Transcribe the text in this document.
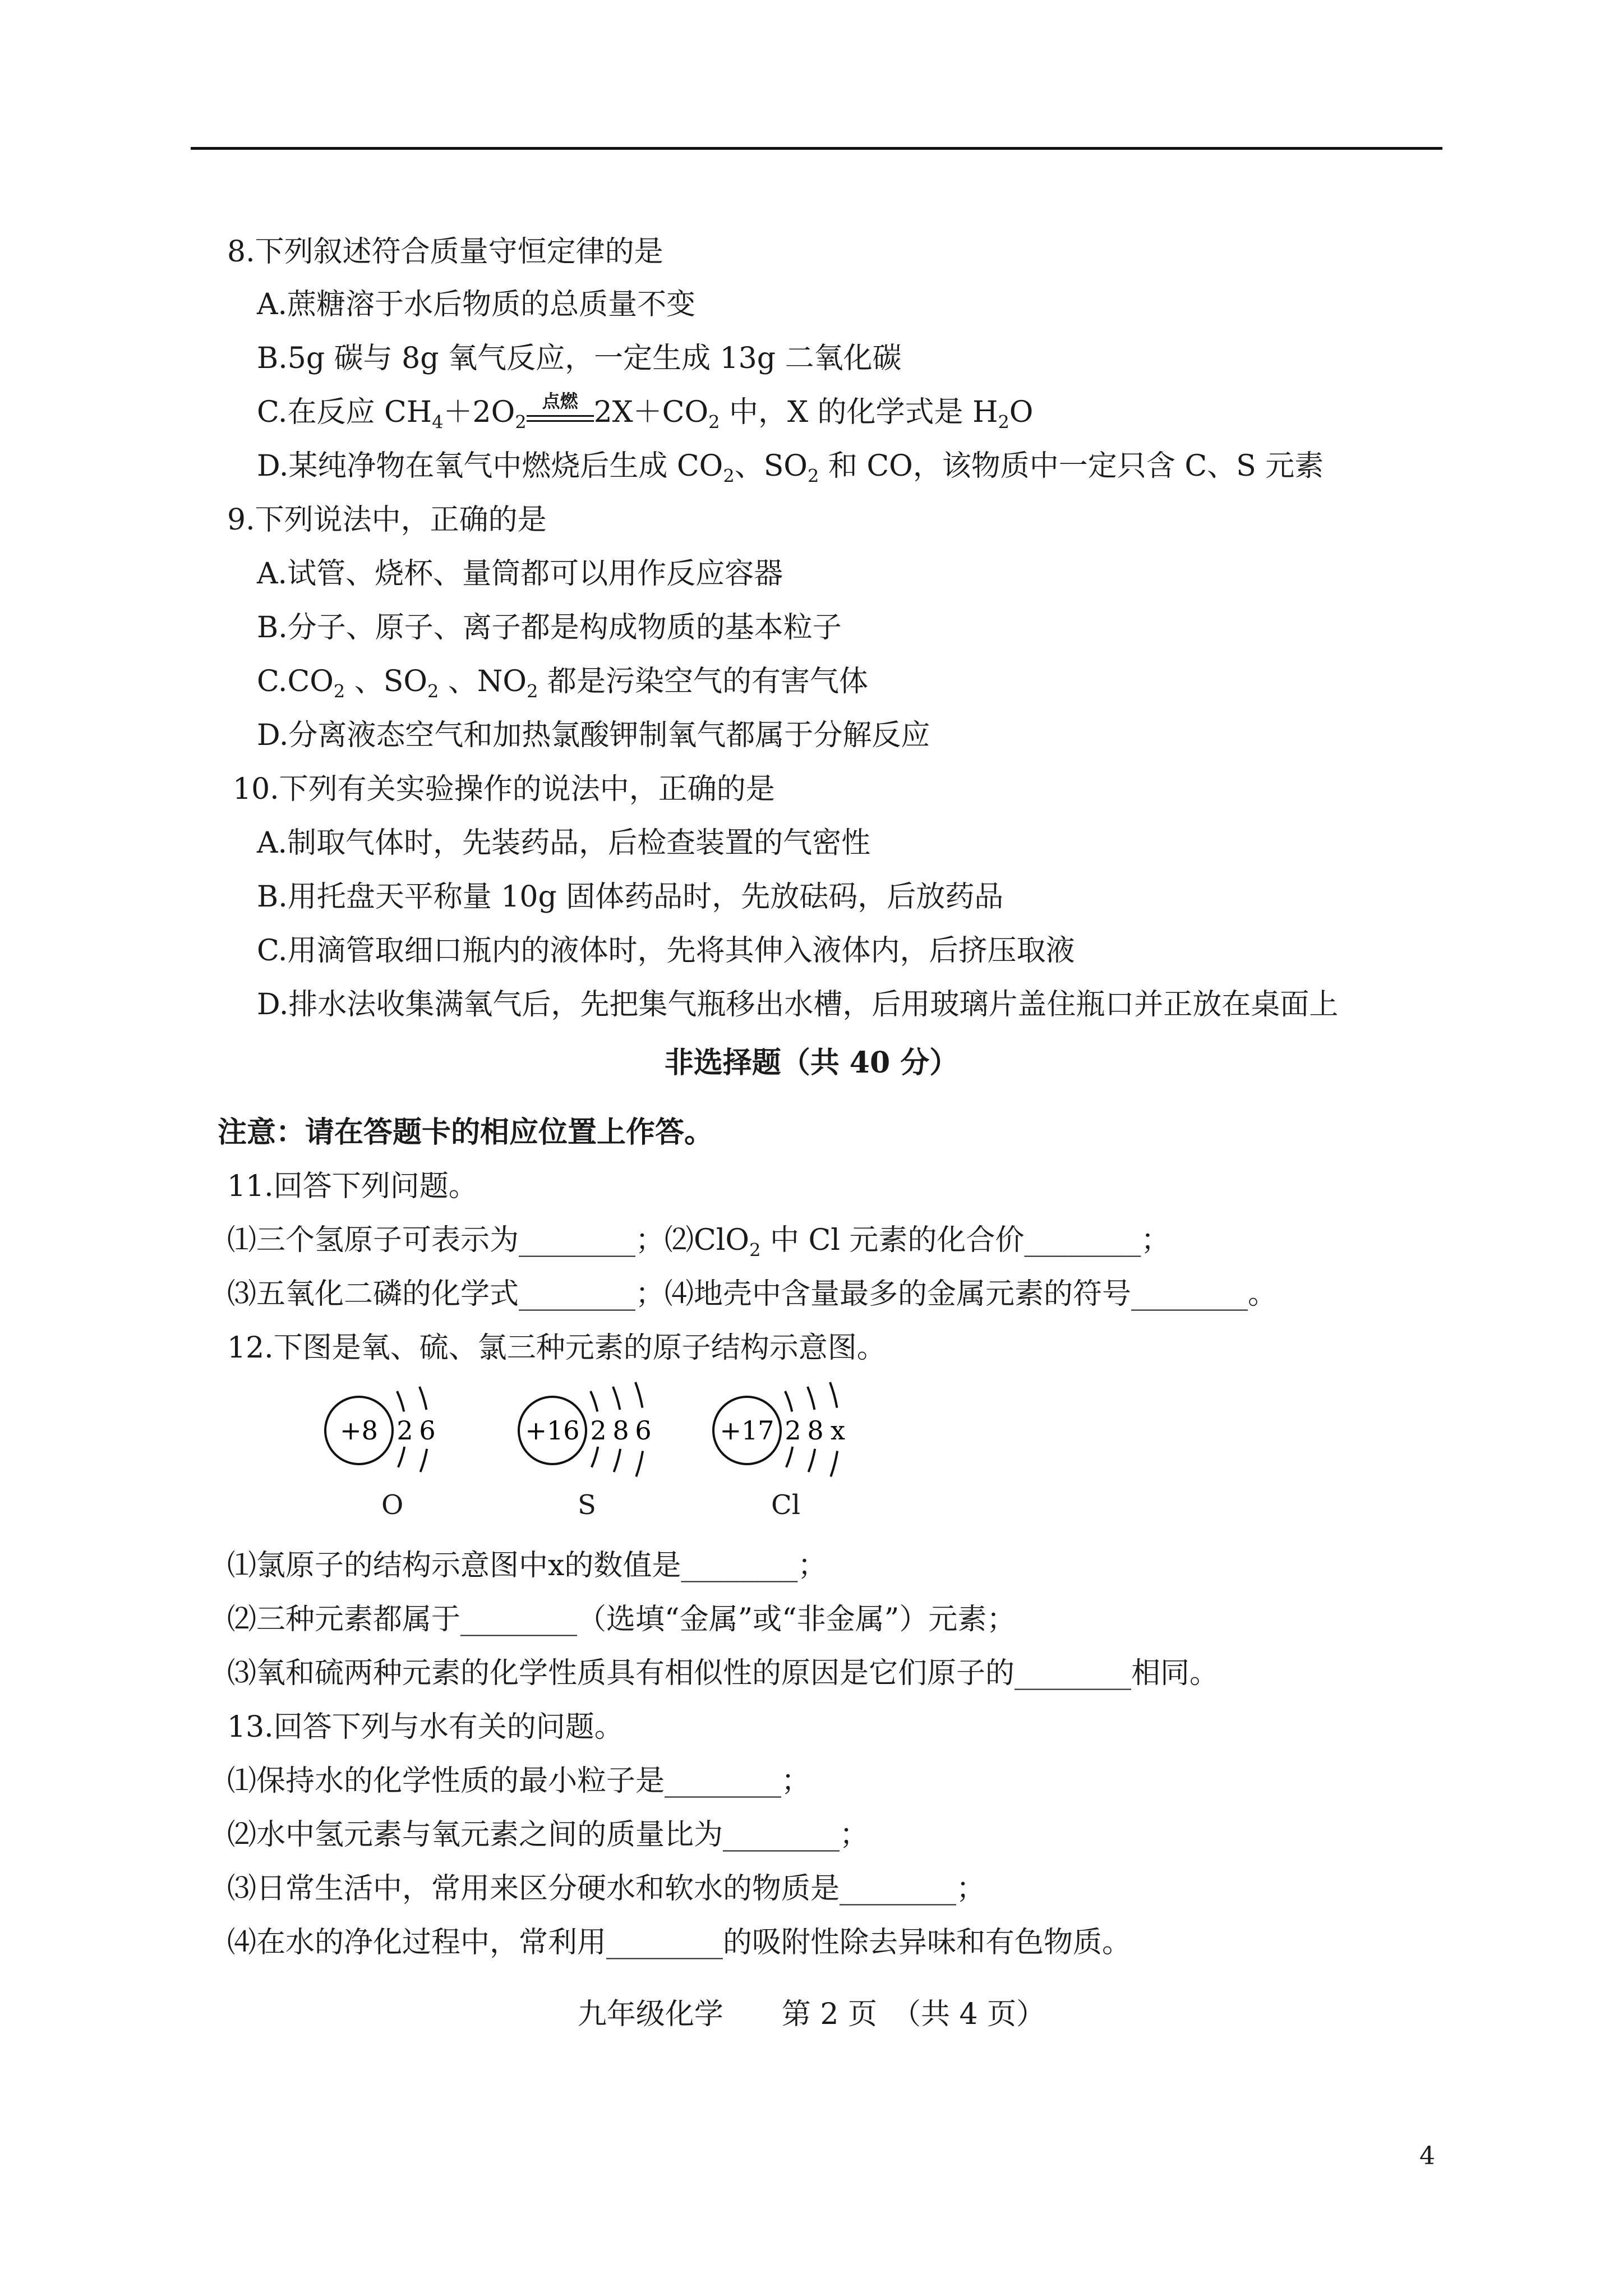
8.下列叙述符合质量守恒定律的是
A.蔗糖溶于水后物质的总质量不变
B.5g 碳与 8g 氧气反应，一定生成 13g 二氧化碳
C.在反应 $CH_4+2O_2$
点燃 $2X+CO_2$ 中，X 的化学式是 $H_2O$
D.某纯净物在氧气中燃烧后生成 $CO_2$、$SO_2$ 和 CO，该物质中一定只含 C、S 元素
9.下列说法中，正确的是
A.试管、烧杯、量筒都可以用作反应容器
B.分子、原子、离子都是构成物质的基本粒子
$C.CO_2$ 、$SO_2$ 、$NO_2$ 都是污染空气的有害气体
D.分离液态空气和加热氯酸钾制氧气都属于分解反应
10.下列有关实验操作的说法中，正确的是
A.制取气体时，先装药品，后检查装置的气密性
B.用托盘天平称量 10g 固体药品时，先放砝码，后放药品
C.用滴管取细口瓶内的液体时，先将其伸入液体内，后挤压取液
D.排水法收集满氧气后，先把集气瓶移出水槽，后用玻璃片盖住瓶口并正放在桌面上
非选择题（共 40 分）
注意：请在答题卡的相应位置上作答。
11.回答下列问题。
⑴三个氢原子可表示为________；⑵ClO$_2$ 中 Cl 元素的化合价________；
⑶五氧化二磷的化学式________；⑷地壳中含量最多的金属元素的符号________。
12.下图是氧、硫、氯三种元素的原子结构示意图。
+8 2 6	+16 2 8 6	+17 2 8 x
O	S	Cl
⑴氯原子的结构示意图中x的数值是________；
⑵三种元素都属于________（选填“金属”或“非金属”）元素；
⑶氧和硫两种元素的化学性质具有相似性的原因是它们原子的________相同。
13.回答下列与水有关的问题。
⑴保持水的化学性质的最小粒子是________；
⑵水中氢元素与氧元素之间的质量比为________；
⑶日常生活中，常用来区分硬水和软水的物质是________；
⑷在水的净化过程中，常利用________的吸附性除去异味和有色物质。
九年级化学　　第 2 页　（共 4 页）
4
